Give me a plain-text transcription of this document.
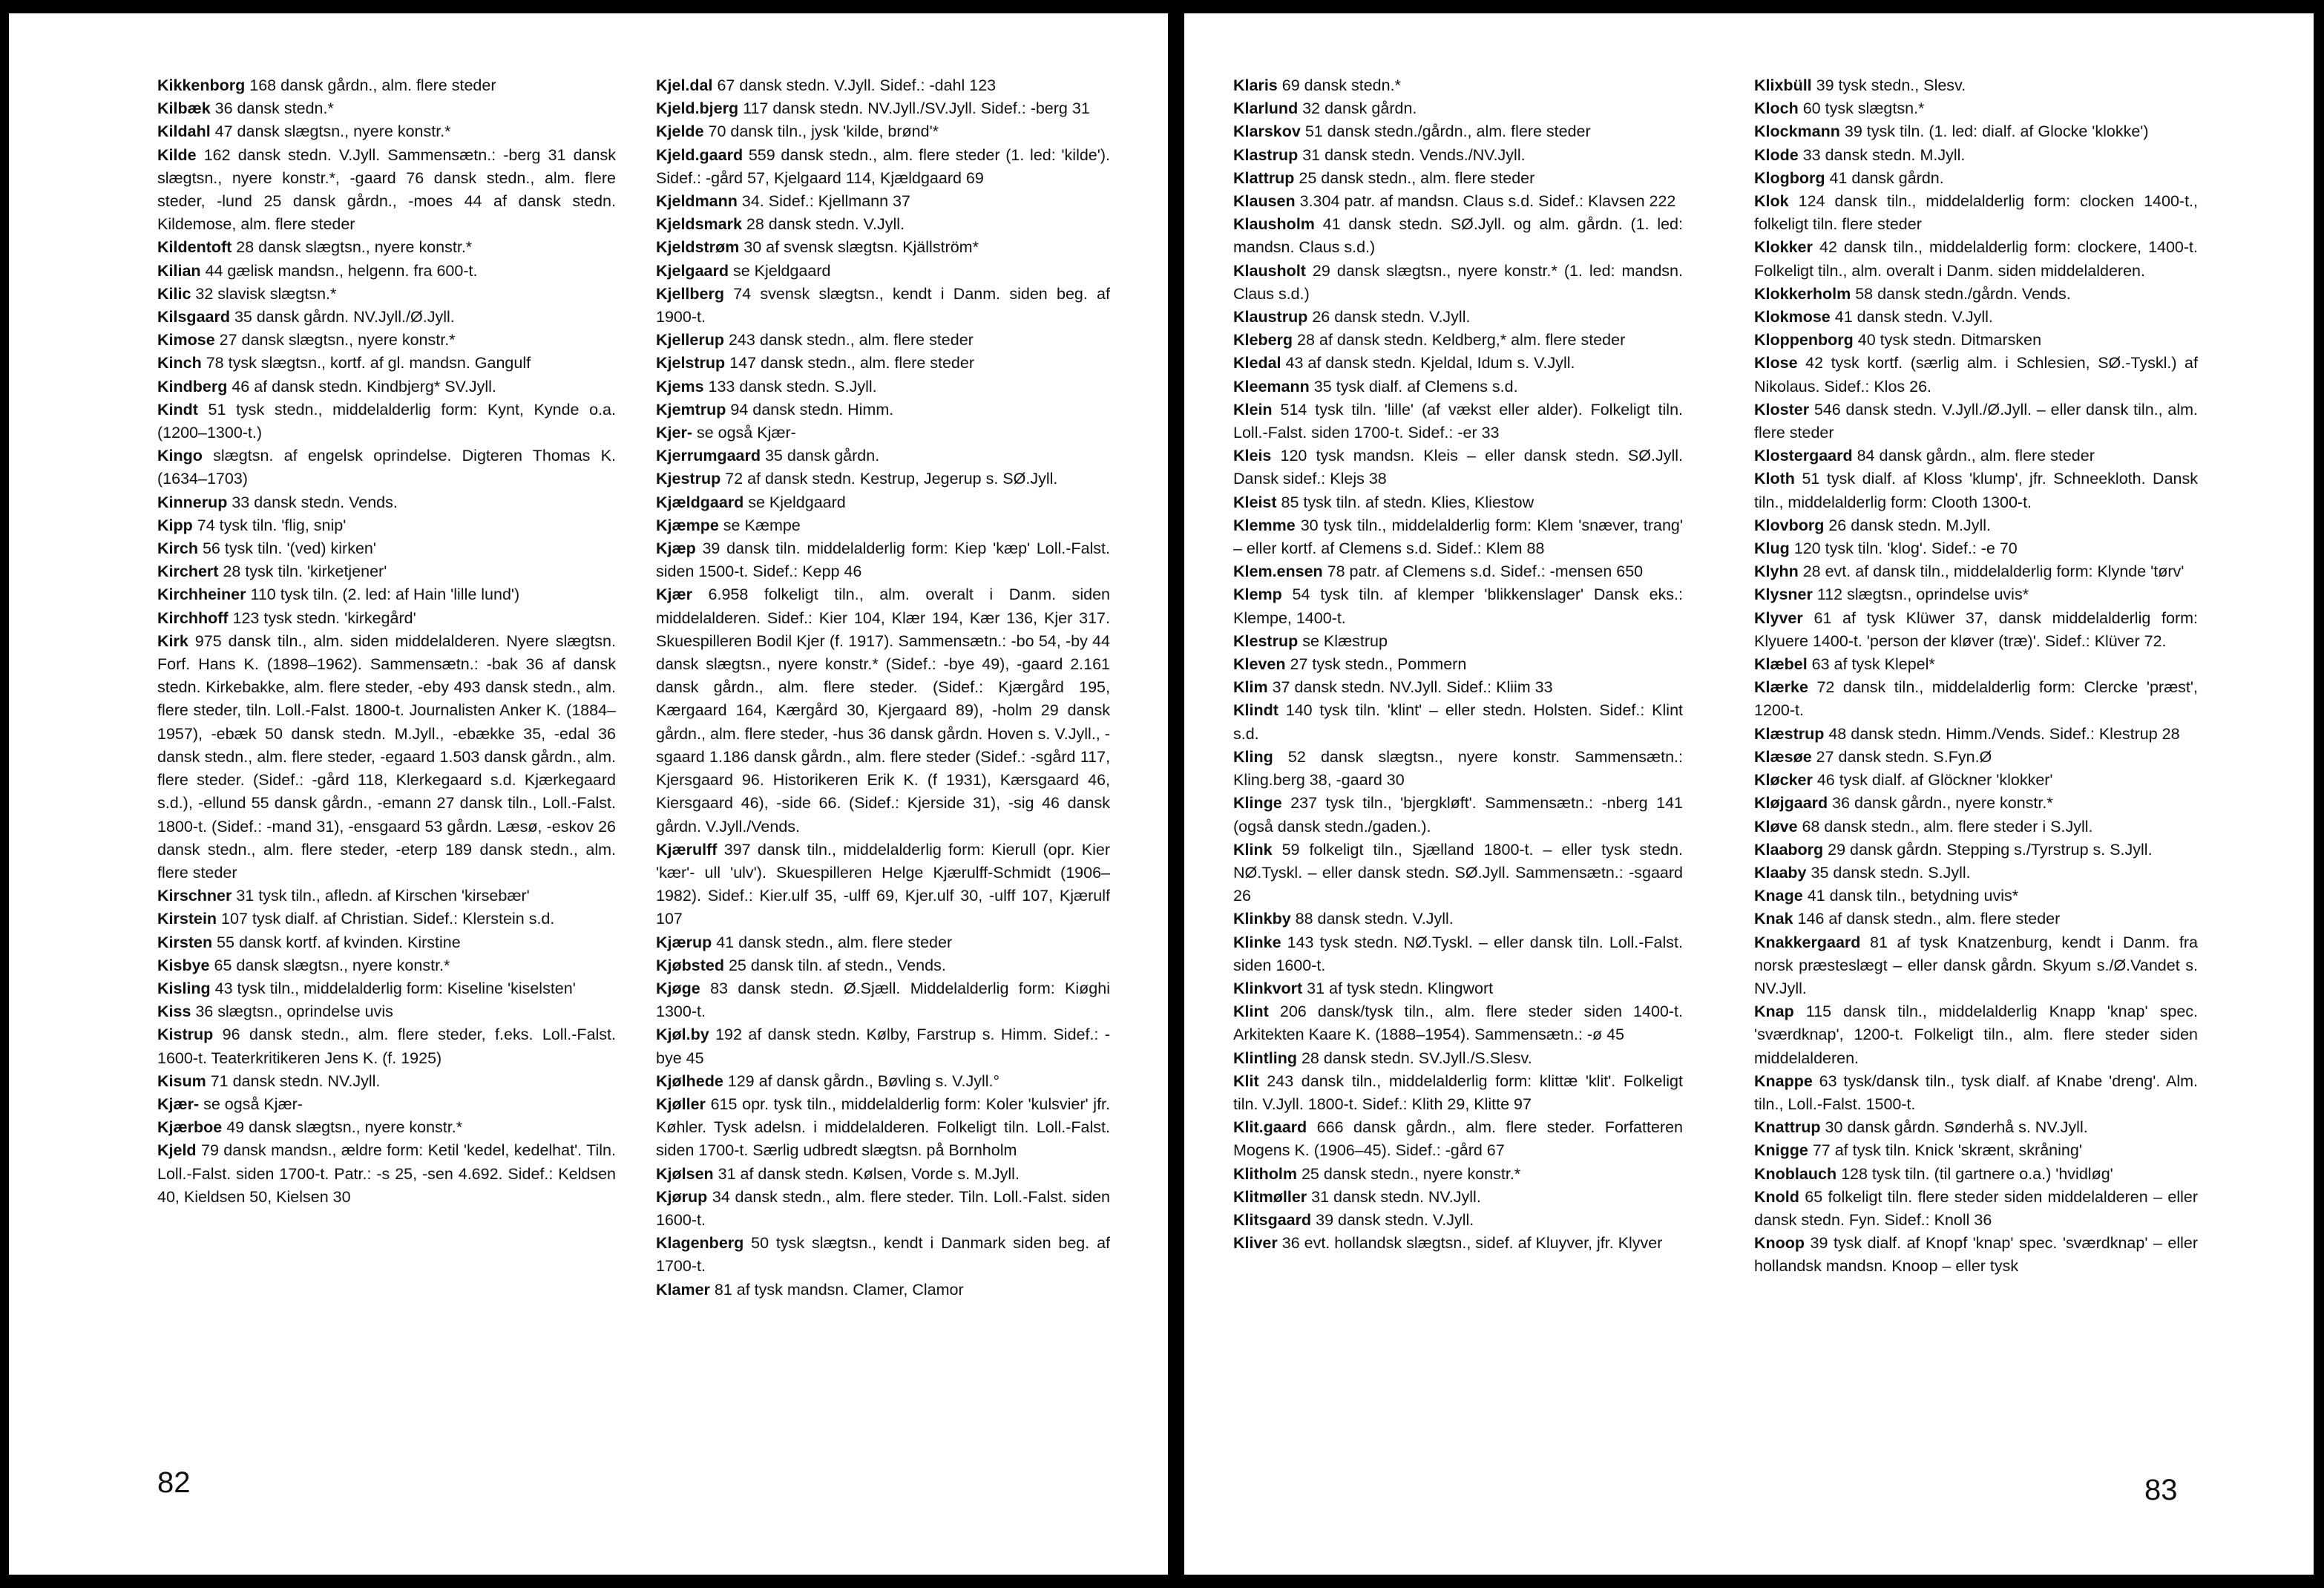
Kikkenborg 168 dansk gårdn., alm. flere steder

Kilbæk 36 dansk stedn.*

Kildahl 47 dansk slægtsn., nyere konstr.*

Kilde 162 dansk stedn. V.Jyll. Sammensætn.: -berg 31 dansk slægtsn., nyere konstr.*, -gaard 76 dansk stedn., alm. flere steder, -lund 25 dansk gårdn., -moes 44 af dansk stedn. Kildemose, alm. flere steder

Kildentoft 28 dansk slægtsn., nyere konstr.*

Kilian 44 gælisk mandsn., helgenn. fra 600-t.

Kilic 32 slavisk slægtsn.*

Kilsgaard 35 dansk gårdn. NV.Jyll./Ø.Jyll.

Kimose 27 dansk slægtsn., nyere konstr.*

Kinch 78 tysk slægtsn., kortf. af gl. mandsn. Gangulf

Kindberg 46 af dansk stedn. Kindbjerg* SV.Jyll.

Kindt 51 tysk stedn., middelalderlig form: Kynt, Kynde o.a. (1200–1300-t.)

Kingo slægtsn. af engelsk oprindelse. Digteren Thomas K. (1634–1703)

Kinnerup 33 dansk stedn. Vends.

Kipp 74 tysk tiln. 'flig, snip'

Kirch 56 tysk tiln. '(ved) kirken'

Kirchert 28 tysk tiln. 'kirketjener'

Kirchheiner 110 tysk tiln. (2. led: af Hain 'lille lund')

Kirchhoff 123 tysk stedn. 'kirkegård'

Kirk 975 dansk tiln., alm. siden middelalderen. Nyere slægtsn. Forf. Hans K. (1898–1962). Sammensætn.: -bak 36 af dansk stedn. Kirkebakke, alm. flere steder, -eby 493 dansk stedn., alm. flere steder, tiln. Loll.-Falst. 1800-t. Journalisten Anker K. (1884–1957), -ebæk 50 dansk stedn. M.Jyll., -ebække 35, -edal 36 dansk stedn., alm. flere steder, -egaard 1.503 dansk gårdn., alm. flere steder. (Sidef.: -gård 118, Klerkegaard s.d. Kjærkegaard s.d.), -ellund 55 dansk gårdn., -emann 27 dansk tiln., Loll.-Falst. 1800-t. (Sidef.: -mand 31), -ensgaard 53 gårdn. Læsø, -eskov 26 dansk stedn., alm. flere steder, -eterp 189 dansk stedn., alm. flere steder

Kirschner 31 tysk tiln., afledn. af Kirschen 'kirsebær'

Kirstein 107 tysk dialf. af Christian. Sidef.: Klerstein s.d.

Kirsten 55 dansk kortf. af kvinden. Kirstine

Kisbye 65 dansk slægtsn., nyere konstr.*

Kisling 43 tysk tiln., middelalderlig form: Kiseline 'kiselsten'

Kiss 36 slægtsn., oprindelse uvis

Kistrup 96 dansk stedn., alm. flere steder, f.eks. Loll.-Falst. 1600-t. Teaterkritikeren Jens K. (f. 1925)

Kisum 71 dansk stedn. NV.Jyll.

Kjær- se også Kjær-

Kjærboe 49 dansk slægtsn., nyere konstr.*

Kjeld 79 dansk mandsn., ældre form: Ketil 'kedel, kedelhat'. Tiln. Loll.-Falst. siden 1700-t. Patr.: -s 25, -sen 4.692. Sidef.: Keldsen 40, Kieldsen 50, Kielsen 30

Kjel.dal 67 dansk stedn. V.Jyll. Sidef.: -dahl 123

Kjeld.bjerg 117 dansk stedn. NV.Jyll./SV.Jyll. Sidef.: -berg 31

Kjelde 70 dansk tiln., jysk 'kilde, brønd'*

Kjeld.gaard 559 dansk stedn., alm. flere steder (1. led: 'kilde'). Sidef.: -gård 57, Kjelgaard 114, Kjældgaard 69

Kjeldmann 34. Sidef.: Kjellmann 37

Kjeldsmark 28 dansk stedn. V.Jyll.

Kjeldstrøm 30 af svensk slægtsn. Kjällström*

Kjelgaard se Kjeldgaard

Kjellberg 74 svensk slægtsn., kendt i Danm. siden beg. af 1900-t.

Kjellerup 243 dansk stedn., alm. flere steder

Kjelstrup 147 dansk stedn., alm. flere steder

Kjems 133 dansk stedn. S.Jyll.

Kjemtrup 94 dansk stedn. Himm.

Kjer- se også Kjær-

Kjerrumgaard 35 dansk gårdn.

Kjestrup 72 af dansk stedn. Kestrup, Jegerup s. SØ.Jyll.

Kjældgaard se Kjeldgaard

Kjæmpe se Kæmpe

Kjæp 39 dansk tiln. middelalderlig form: Kiep 'kæp' Loll.-Falst. siden 1500-t. Sidef.: Kepp 46

Kjær 6.958 folkeligt tiln., alm. overalt i Danm. siden middelalderen. Sidef.: Kier 104, Klær 194, Kær 136, Kjer 317. Skuespilleren Bodil Kjer (f. 1917). Sammensætn.: -bo 54, -by 44 dansk slægtsn., nyere konstr.* (Sidef.: -bye 49), -gaard 2.161 dansk gårdn., alm. flere steder. (Sidef.: Kjærgård 195, Kærgaard 164, Kærgård 30, Kjergaard 89), -holm 29 dansk gårdn., alm. flere steder, -hus 36 dansk gårdn. Hoven s. V.Jyll., -sgaard 1.186 dansk gårdn., alm. flere steder (Sidef.: -sgård 117, Kjersgaard 96. Historikeren Erik K. (f 1931), Kærsgaard 46, Kiersgaard 46), -side 66. (Sidef.: Kjerside 31), -sig 46 dansk gårdn. V.Jyll./Vends.

Kjærulff 397 dansk tiln., middelalderlig form: Kierull (opr. Kier 'kær'- ull 'ulv'). Skuespilleren Helge Kjærulff-Schmidt (1906–1982). Sidef.: Kier.ulf 35, -ulff 69, Kjer.ulf 30, -ulff 107, Kjærulf 107

Kjærup 41 dansk stedn., alm. flere steder

Kjøbsted 25 dansk tiln. af stedn., Vends.

Kjøge 83 dansk stedn. Ø.Sjæll. Middelalderlig form: Kiøghi 1300-t.

Kjøl.by 192 af dansk stedn. Kølby, Farstrup s. Himm. Sidef.: -bye 45

Kjølhede 129 af dansk gårdn., Bøvling s. V.Jyll.°

Kjøller 615 opr. tysk tiln., middelalderlig form: Koler 'kulsvier' jfr. Køhler. Tysk adelsn. i middelalderen. Folkeligt tiln. Loll.-Falst. siden 1700-t. Særlig udbredt slægtsn. på Bornholm

Kjølsen 31 af dansk stedn. Kølsen, Vorde s. M.Jyll.

Kjørup 34 dansk stedn., alm. flere steder. Tiln. Loll.-Falst. siden 1600-t.

Klagenberg 50 tysk slægtsn., kendt i Danmark siden beg. af 1700-t.

Klamer 81 af tysk mandsn. Clamer, Clamor

82

Klaris 69 dansk stedn.*

Klarlund 32 dansk gårdn.

Klarskov 51 dansk stedn./gårdn., alm. flere steder

Klastrup 31 dansk stedn. Vends./NV.Jyll.

Klattrup 25 dansk stedn., alm. flere steder

Klausen 3.304 patr. af mandsn. Claus s.d. Sidef.: Klavsen 222

Klausholm 41 dansk stedn. SØ.Jyll. og alm. gårdn. (1. led: mandsn. Claus s.d.)

Klausholt 29 dansk slægtsn., nyere konstr.* (1. led: mandsn. Claus s.d.)

Klaustrup 26 dansk stedn. V.Jyll.

Kleberg 28 af dansk stedn. Keldberg,* alm. flere steder

Kledal 43 af dansk stedn. Kjeldal, Idum s. V.Jyll.

Kleemann 35 tysk dialf. af Clemens s.d.

Klein 514 tysk tiln. 'lille' (af vækst eller alder). Folkeligt tiln. Loll.-Falst. siden 1700-t. Sidef.: -er 33

Kleis 120 tysk mandsn. Kleis – eller dansk stedn. SØ.Jyll. Dansk sidef.: Klejs 38

Kleist 85 tysk tiln. af stedn. Klies, Kliestow

Klemme 30 tysk tiln., middelalderlig form: Klem 'snæver, trang' – eller kortf. af Clemens s.d. Sidef.: Klem 88

Klem.ensen 78 patr. af Clemens s.d. Sidef.: -mensen 650

Klemp 54 tysk tiln. af klemper 'blikkenslager' Dansk eks.: Klempe, 1400-t.

Klestrup se Klæstrup

Kleven 27 tysk stedn., Pommern

Klim 37 dansk stedn. NV.Jyll. Sidef.: Kliim 33

Klindt 140 tysk tiln. 'klint' – eller stedn. Holsten. Sidef.: Klint s.d.

Kling 52 dansk slægtsn., nyere konstr. Sammensætn.: Kling.berg 38, -gaard 30

Klinge 237 tysk tiln., 'bjergkløft'. Sammensætn.: -nberg 141 (også dansk stedn./gaden.).

Klink 59 folkeligt tiln., Sjælland 1800-t. – eller tysk stedn. NØ.Tyskl. – eller dansk stedn. SØ.Jyll. Sammensætn.: -sgaard 26

Klinkby 88 dansk stedn. V.Jyll.

Klinke 143 tysk stedn. NØ.Tyskl. – eller dansk tiln. Loll.-Falst. siden 1600-t.

Klinkvort 31 af tysk stedn. Klingwort

Klint 206 dansk/tysk tiln., alm. flere steder siden 1400-t. Arkitekten Kaare K. (1888–1954). Sammensætn.: -ø 45

Klintling 28 dansk stedn. SV.Jyll./S.Slesv.

Klit 243 dansk tiln., middelalderlig form: klittæ 'klit'. Folkeligt tiln. V.Jyll. 1800-t. Sidef.: Klith 29, Klitte 97

Klit.gaard 666 dansk gårdn., alm. flere steder. Forfatteren Mogens K. (1906–45). Sidef.: -gård 67

Klitholm 25 dansk stedn., nyere konstr.*

Klitmøller 31 dansk stedn. NV.Jyll.

Klitsgaard 39 dansk stedn. V.Jyll.

Kliver 36 evt. hollandsk slægtsn., sidef. af Kluyver, jfr. Klyver

Klixbüll 39 tysk stedn., Slesv.

Kloch 60 tysk slægtsn.*

Klockmann 39 tysk tiln. (1. led: dialf. af Glocke 'klokke')

Klode 33 dansk stedn. M.Jyll.

Klogborg 41 dansk gårdn.

Klok 124 dansk tiln., middelalderlig form: clocken 1400-t., folkeligt tiln. flere steder

Klokker 42 dansk tiln., middelalderlig form: clockere, 1400-t. Folkeligt tiln., alm. overalt i Danm. siden middelalderen.

Klokkerholm 58 dansk stedn./gårdn. Vends.

Klokmose 41 dansk stedn. V.Jyll.

Kloppenborg 40 tysk stedn. Ditmarsken

Klose 42 tysk kortf. (særlig alm. i Schlesien, SØ.-Tyskl.) af Nikolaus. Sidef.: Klos 26.

Kloster 546 dansk stedn. V.Jyll./Ø.Jyll. – eller dansk tiln., alm. flere steder

Klostergaard 84 dansk gårdn., alm. flere steder

Kloth 51 tysk dialf. af Kloss 'klump', jfr. Schneekloth. Dansk tiln., middelalderlig form: Clooth 1300-t.

Klovborg 26 dansk stedn. M.Jyll.

Klug 120 tysk tiln. 'klog'. Sidef.: -e 70

Klyhn 28 evt. af dansk tiln., middelalderlig form: Klynde 'tørv'

Klysner 112 slægtsn., oprindelse uvis*

Klyver 61 af tysk Klüwer 37, dansk middelalderlig form: Klyuere 1400-t. 'person der kløver (træ)'. Sidef.: Klüver 72.

Klæbel 63 af tysk Klepel*

Klærke 72 dansk tiln., middelalderlig form: Clercke 'præst', 1200-t.

Klæstrup 48 dansk stedn. Himm./Vends. Sidef.: Klestrup 28

Klæsøe 27 dansk stedn. S.Fyn.Ø

Kløcker 46 tysk dialf. af Glöckner 'klokker'

Kløjgaard 36 dansk gårdn., nyere konstr.*

Kløve 68 dansk stedn., alm. flere steder i S.Jyll.

Klaaborg 29 dansk gårdn. Stepping s./Tyrstrup s. S.Jyll.

Klaaby 35 dansk stedn. S.Jyll.

Knage 41 dansk tiln., betydning uvis*

Knak 146 af dansk stedn., alm. flere steder

Knakkergaard 81 af tysk Knatzenburg, kendt i Danm. fra norsk præsteslægt – eller dansk gårdn. Skyum s./Ø.Vandet s. NV.Jyll.

Knap 115 dansk tiln., middelalderlig Knapp 'knap' spec. 'sværdknap', 1200-t. Folkeligt tiln., alm. flere steder siden middelalderen.

Knappe 63 tysk/dansk tiln., tysk dialf. af Knabe 'dreng'. Alm. tiln., Loll.-Falst. 1500-t.

Knattrup 30 dansk gårdn. Sønderhå s. NV.Jyll.

Knigge 77 af tysk tiln. Knick 'skrænt, skråning'

Knoblauch 128 tysk tiln. (til gartnere o.a.) 'hvidløg'

Knold 65 folkeligt tiln. flere steder siden middelalderen – eller dansk stedn. Fyn. Sidef.: Knoll 36

Knoop 39 tysk dialf. af Knopf 'knap' spec. 'sværdknap' – eller hollandsk mandsn. Knoop – eller tysk

83
